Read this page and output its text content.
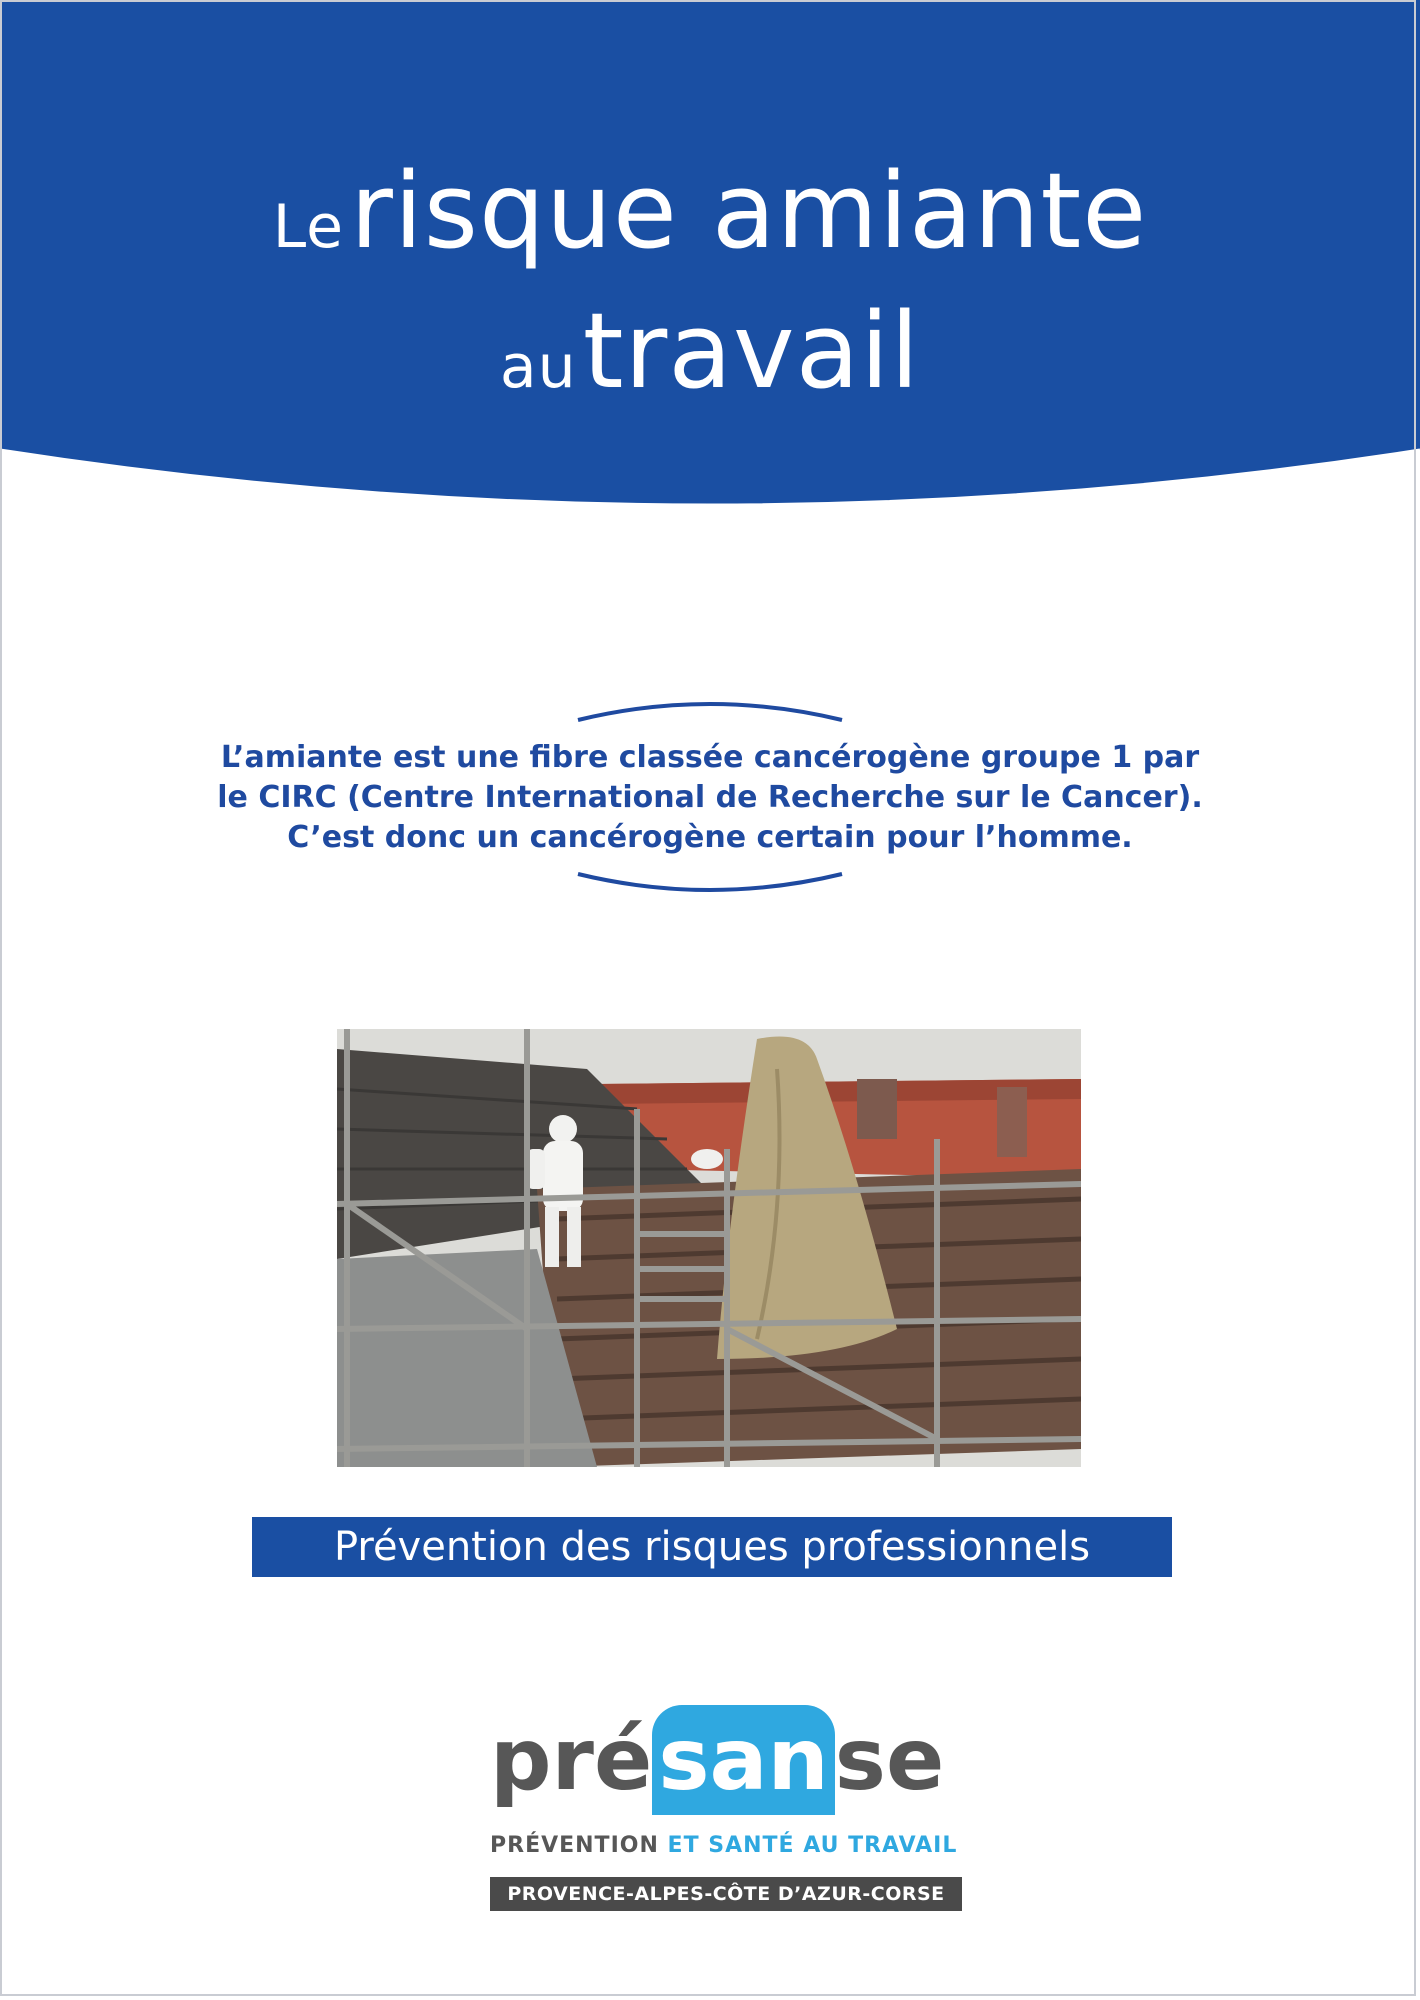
Le risque amiante
au travail
L’amiante est une fibre classée cancérogène groupe 1 par
le CIRC (Centre International de Recherche sur le Cancer).
C’est donc un cancérogène certain pour l’homme.
Prévention des risques professionnels
présanse
PRÉVENTION ET SANTÉ AU TRAVAIL
PROVENCE-ALPES-CÔTE D’AZUR-CORSE
